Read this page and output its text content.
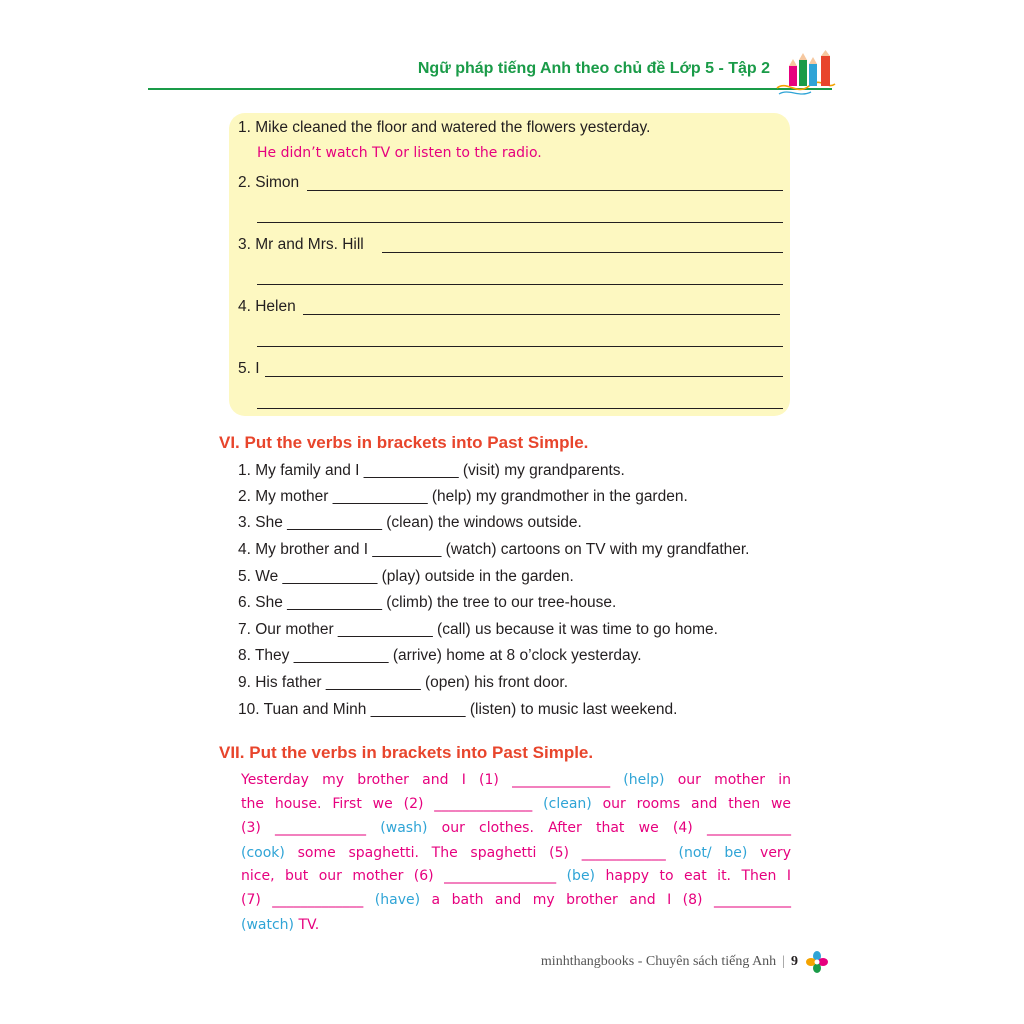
Ngữ pháp tiếng Anh theo chủ đề Lớp 5 - Tập 2
1. Mike cleaned the floor and watered the flowers yesterday.
He didn’t watch TV or listen to the radio.
2. Simon
3. Mr and Mrs. Hill
4. Helen
5. I
VI. Put the verbs in brackets into Past Simple.
1. My family and I ___________ (visit) my grandparents.
2. My mother ___________ (help) my grandmother in the garden.
3. She ___________ (clean) the windows outside.
4. My brother and I ________ (watch) cartoons on TV with my grandfather.
5. We ___________ (play) outside in the garden.
6. She ___________ (climb) the tree to our tree-house.
7. Our mother ___________ (call) us because it was time to go home.
8. They ___________ (arrive) home at 8 o’clock yesterday.
9. His father ___________ (open) his front door.
10. Tuan and Minh ___________ (listen) to music last weekend.
VII. Put the verbs in brackets into Past Simple.
Yesterday my brother and I (1) ______________ (help) our mother in
the house. First we (2) ______________ (clean) our rooms and then we
(3) _____________ (wash) our clothes. After that we (4) ____________
(cook) some spaghetti. The spaghetti (5) ____________ (not/ be) very
nice, but our mother (6) ________________ (be) happy to eat it. Then I
(7) _____________ (have) a bath and my brother and I (8) ___________
(watch) TV.
minhthangbooks - Chuyên sách tiếng Anh | 9
